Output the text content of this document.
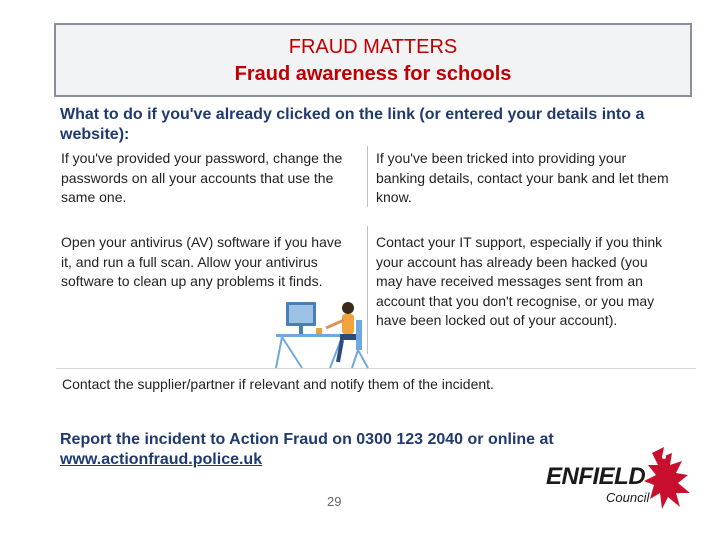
FRAUD MATTERS
Fraud awareness for schools
What to do if you've already clicked on the link (or entered your details into a website):
If you've provided your password, change the passwords on all your accounts that use the same one.
If you've been tricked into providing your banking details, contact your bank and let them know.
Open your antivirus (AV) software if you have it, and run a full scan. Allow your antivirus software to clean up any problems it finds.
Contact your IT support, especially if you think your account has already been hacked (you may have received messages sent from an account that you don't recognise, or you may have been locked out of your account).
Contact the supplier/partner if relevant and notify them of the incident.
Report the incident to Action Fraud on 0300 123 2040 or online at www.actionfraud.police.uk
29
ENFIELD
Council
